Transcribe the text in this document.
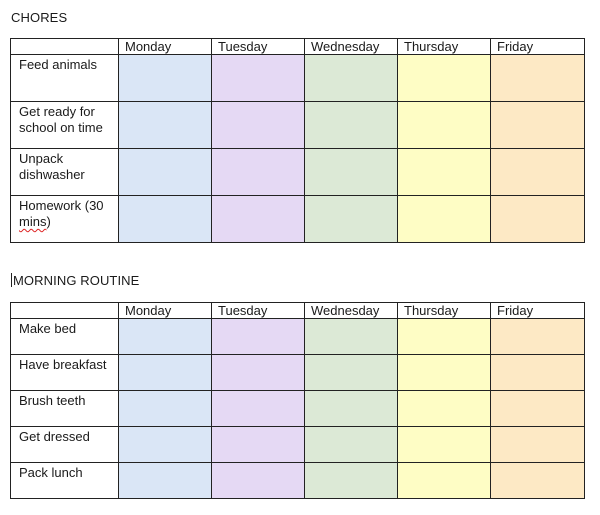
CHORES
	Monday	Tuesday	Wednesday	Thursday	Friday
Feed animals					
Get ready for school on time					
Unpack dishwasher					
Homework (30 mins)					
MORNING ROUTINE
	Monday	Tuesday	Wednesday	Thursday	Friday
Make bed					
Have breakfast					
Brush teeth					
Get dressed					
Pack lunch					
